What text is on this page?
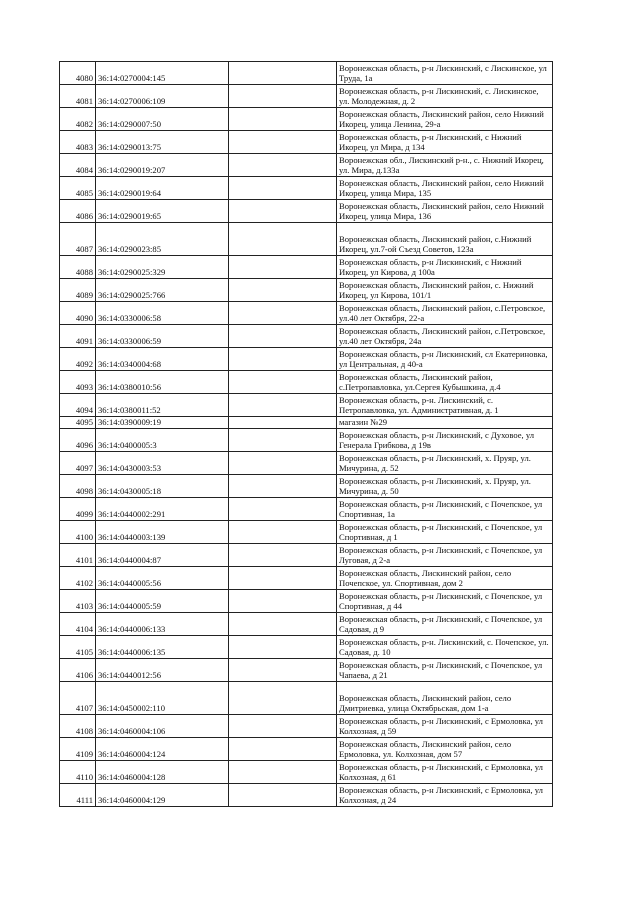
4080	36:14:0270004:145		Воронежская область, р-н Лискинский, с Лискинское, ул Труда, 1а
4081	36:14:0270006:109		Воронежская область, р-н Лискинский, с. Лискинское, ул. Молодежная, д. 2
4082	36:14:0290007:50		Воронежская область, Лискинский район, село Нижний Икорец, улица Ленина, 29-а
4083	36:14:0290013:75		Воронежская область, р-н Лискинский, с Нижний Икорец, ул Мира, д 134
4084	36:14:0290019:207		Воронежская обл., Лискинский р-н., с. Нижний Икорец, ул. Мира, д.133а
4085	36:14:0290019:64		Воронежская область, Лискинский район, село Нижний Икорец, улица Мира, 135
4086	36:14:0290019:65		Воронежская область, Лискинский район, село Нижний Икорец, улица Мира, 136
4087	36:14:0290023:85		Воронежская область, Лискинский район, с.Нижний Икорец, ул.7-ой Съезд Советов, 123а
4088	36:14:0290025:329		Воронежская область, р-н Лискинский, с Нижний Икорец, ул Кирова, д 100а
4089	36:14:0290025:766		Воронежская область, Лискинский район, с. Нижний Икорец, ул Кирова, 101/1
4090	36:14:0330006:58		Воронежская область, Лискинский район, с.Петровское, ул.40 лет Октября, 22-а
4091	36:14:0330006:59		Воронежская область, Лискинский район, с.Петровское, ул.40 лет Октября, 24а
4092	36:14:0340004:68		Воронежская область, р-н Лискинский, сл Екатериновка, ул Центральная, д 40-а
4093	36:14:0380010:56		Воронежская область, Лискинский район, с.Петропавловка, ул.Сергея Кубышкина, д.4
4094	36:14:0380011:52		Воронежская область, р-н. Лискинский, с. Петропавловка, ул. Административная, д. 1
4095	36:14:0390009:19		магазин №29
4096	36:14:0400005:3		Воронежская область, р-н Лискинский, с Духовое, ул Генерала Грибкова, д 19в
4097	36:14:0430003:53		Воронежская область, р-н Лискинский, х. Пруяр, ул. Мичурина, д. 52
4098	36:14:0430005:18		Воронежская область, р-н Лискинский, х. Пруяр, ул. Мичурина, д. 50
4099	36:14:0440002:291		Воронежская область, р-н Лискинский, с Почепское, ул Спортивная, 1а
4100	36:14:0440003:139		Воронежская область, р-н Лискинский, с Почепское, ул Спортивная, д 1
4101	36:14:0440004:87		Воронежская область, р-н Лискинский, с Почепское, ул Луговая, д 2-а
4102	36:14:0440005:56		Воронежская область, Лискинский район, село Почепское, ул. Спортивная, дом 2
4103	36:14:0440005:59		Воронежская область, р-н Лискинский, с Почепское, ул Спортивная, д 44
4104	36:14:0440006:133		Воронежская область, р-н Лискинский, с Почепское, ул Садовая, д 9
4105	36:14:0440006:135		Воронежская область, р-н. Лискинский, с. Почепское, ул. Садовая, д. 10
4106	36:14:0440012:56		Воронежская область, р-н Лискинский, с Почепское, ул Чапаева, д 21
4107	36:14:0450002:110		Воронежская область, Лискинский район, село Дмитриевка, улица Октябрьская, дом 1-а
4108	36:14:0460004:106		Воронежская область, р-н Лискинский, с Ермоловка, ул Колхозная, д 59
4109	36:14:0460004:124		Воронежская область, Лискинский район, село Ермоловка, ул. Колхозная, дом 57
4110	36:14:0460004:128		Воронежская область, р-н Лискинский, с Ермоловка, ул Колхозная, д 61
4111	36:14:0460004:129		Воронежская область, р-н Лискинский, с Ермоловка, ул Колхозная, д 24
